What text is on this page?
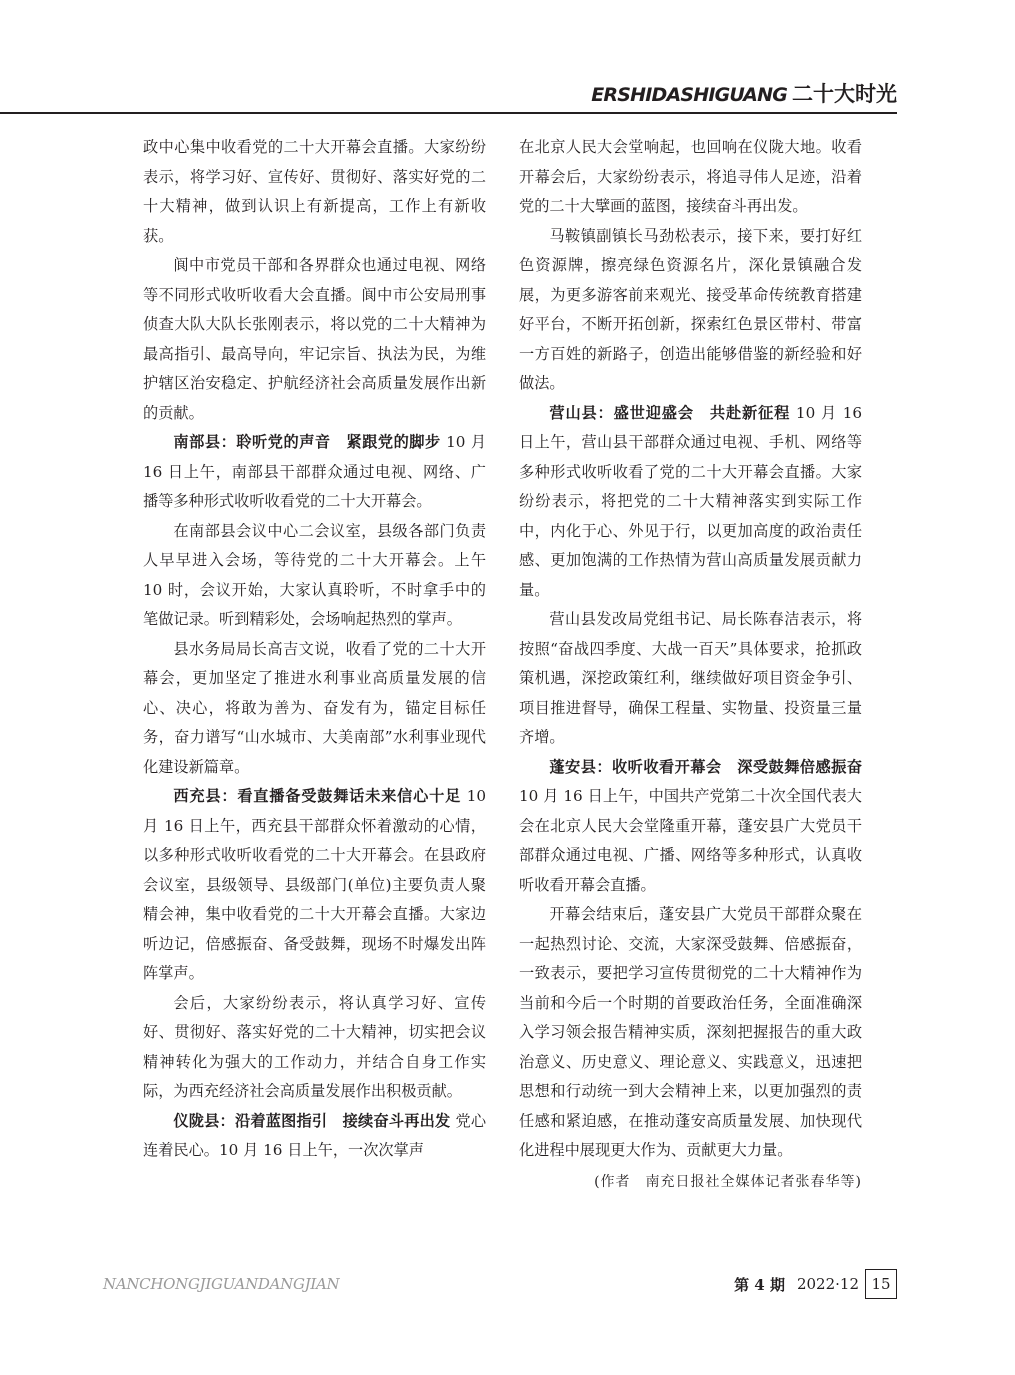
ERSHIDASHIGUANG 二十大时光

政中心集中收看党的二十大开幕会直播。大家纷纷表示，将学习好、宣传好、贯彻好、落实好党的二十大精神，做到认识上有新提高，工作上有新收获。

阆中市党员干部和各界群众也通过电视、网络等不同形式收听收看大会直播。阆中市公安局刑事侦查大队大队长张刚表示，将以党的二十大精神为最高指引、最高导向，牢记宗旨、执法为民，为维护辖区治安稳定、护航经济社会高质量发展作出新的贡献。

南部县：聆听党的声音　紧跟党的脚步 10 月 16 日上午，南部县干部群众通过电视、网络、广播等多种形式收听收看党的二十大开幕会。

在南部县会议中心二会议室，县级各部门负责人早早进入会场，等待党的二十大开幕会。上午 10 时，会议开始，大家认真聆听，不时拿手中的笔做记录。听到精彩处，会场响起热烈的掌声。

县水务局局长高吉文说，收看了党的二十大开幕会，更加坚定了推进水利事业高质量发展的信心、决心，将敢为善为、奋发有为，锚定目标任务，奋力谱写“山水城市、大美南部”水利事业现代化建设新篇章。

西充县：看直播备受鼓舞话未来信心十足 10 月 16 日上午，西充县干部群众怀着激动的心情，以多种形式收听收看党的二十大开幕会。在县政府会议室，县级领导、县级部门(单位)主要负责人聚精会神，集中收看党的二十大开幕会直播。大家边听边记，倍感振奋、备受鼓舞，现场不时爆发出阵阵掌声。

会后，大家纷纷表示，将认真学习好、宣传好、贯彻好、落实好党的二十大精神，切实把会议精神转化为强大的工作动力，并结合自身工作实际，为西充经济社会高质量发展作出积极贡献。

仪陇县：沿着蓝图指引　接续奋斗再出发 党心连着民心。10 月 16 日上午，一次次掌声

在北京人民大会堂响起，也回响在仪陇大地。收看开幕会后，大家纷纷表示，将追寻伟人足迹，沿着党的二十大擘画的蓝图，接续奋斗再出发。

马鞍镇副镇长马劲松表示，接下来，要打好红色资源牌，擦亮绿色资源名片，深化景镇融合发展，为更多游客前来观光、接受革命传统教育搭建好平台，不断开拓创新，探索红色景区带村、带富一方百姓的新路子，创造出能够借鉴的新经验和好做法。

营山县：盛世迎盛会　共赴新征程 10 月 16 日上午，营山县干部群众通过电视、手机、网络等多种形式收听收看了党的二十大开幕会直播。大家纷纷表示，将把党的二十大精神落实到实际工作中，内化于心、外见于行，以更加高度的政治责任感、更加饱满的工作热情为营山高质量发展贡献力量。

营山县发改局党组书记、局长陈春洁表示，将按照“奋战四季度、大战一百天”具体要求，抢抓政策机遇，深挖政策红利，继续做好项目资金争引、项目推进督导，确保工程量、实物量、投资量三量齐增。

蓬安县：收听收看开幕会　深受鼓舞倍感振奋 10 月 16 日上午，中国共产党第二十次全国代表大会在北京人民大会堂隆重开幕，蓬安县广大党员干部群众通过电视、广播、网络等多种形式，认真收听收看开幕会直播。

开幕会结束后，蓬安县广大党员干部群众聚在一起热烈讨论、交流，大家深受鼓舞、倍感振奋，一致表示，要把学习宣传贯彻党的二十大精神作为当前和今后一个时期的首要政治任务，全面准确深入学习领会报告精神实质，深刻把握报告的重大政治意义、历史意义、理论意义、实践意义，迅速把思想和行动统一到大会精神上来，以更加强烈的责任感和紧迫感，在推动蓬安高质量发展、加快现代化进程中展现更大作为、贡献更大力量。

(作者　南充日报社全媒体记者张春华等)

NANCHONGJIGUANDANGJIAN	第 4 期 2022·12 15
